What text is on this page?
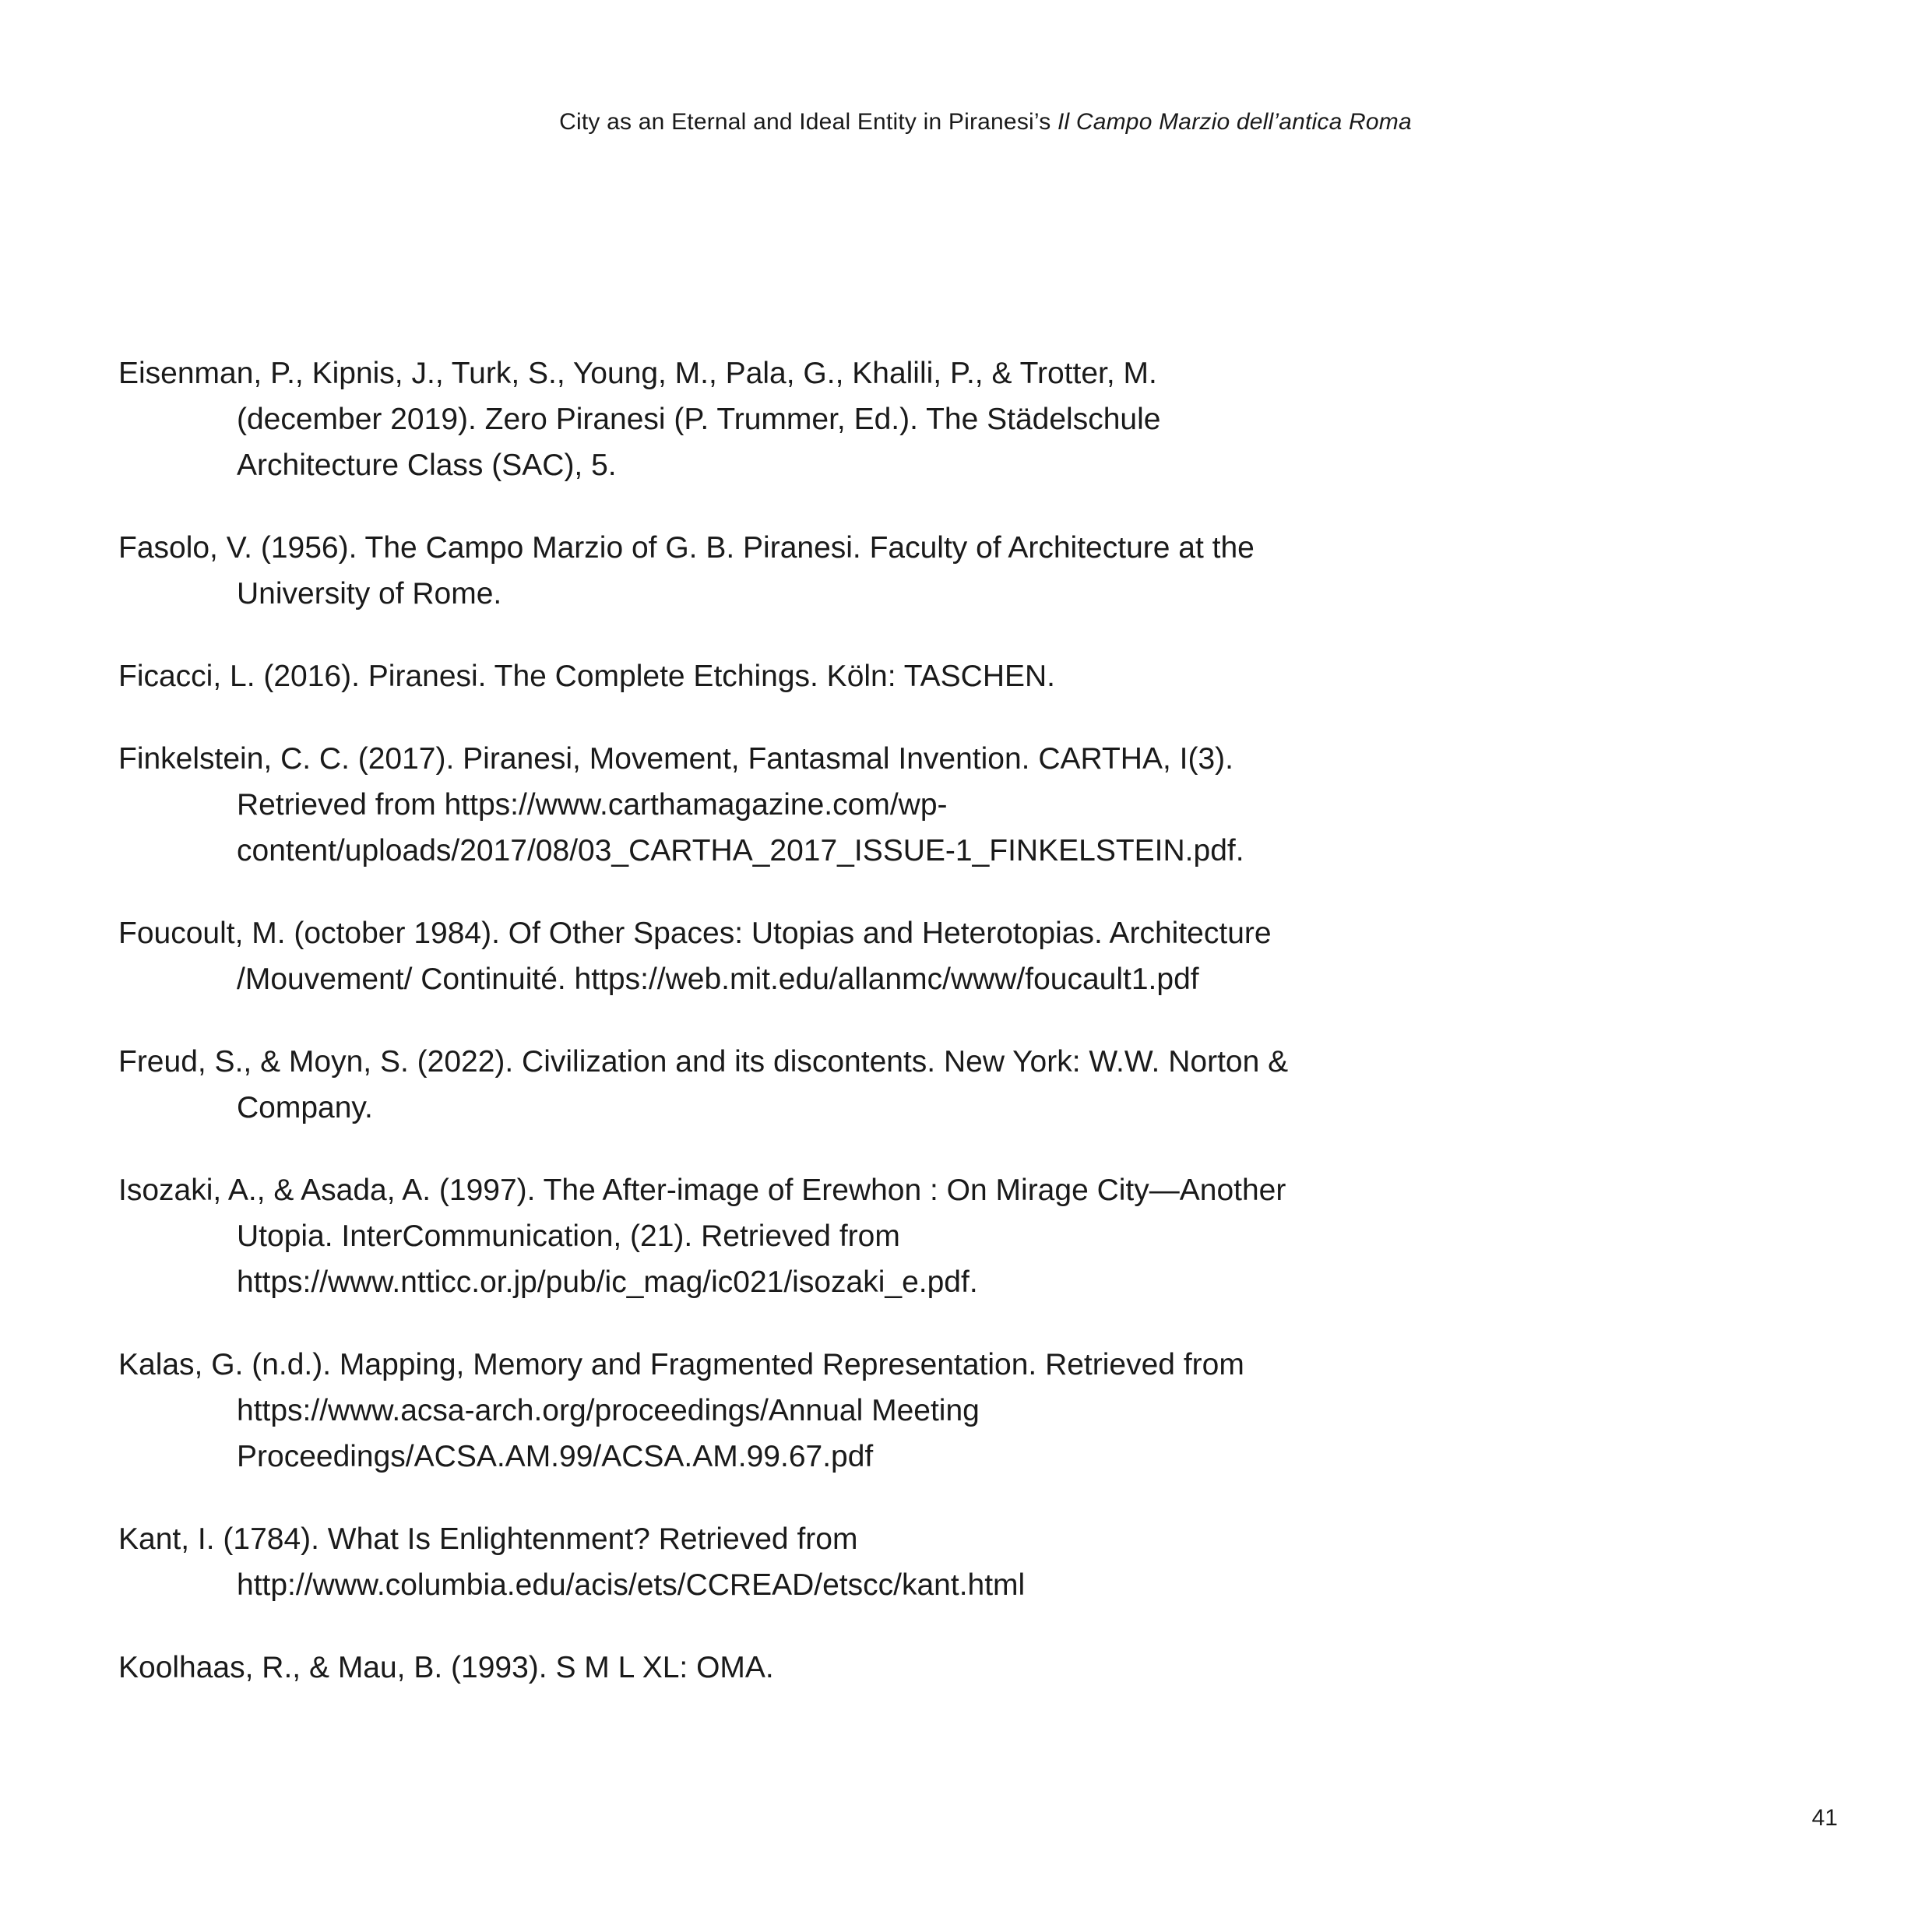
City as an Eternal and Ideal Entity in Piranesi’s Il Campo Marzio dell’antica Roma
Eisenman, P., Kipnis, J., Turk, S., Young, M., Pala, G., Khalili, P., & Trotter, M. (december 2019). Zero Piranesi (P. Trummer, Ed.). The Städelschule Architecture Class (SAC), 5.
Fasolo, V. (1956). The Campo Marzio of G. B. Piranesi. Faculty of Architecture at the University of Rome.
Ficacci, L. (2016). Piranesi. The Complete Etchings. Köln: TASCHEN.
Finkelstein, C. C. (2017). Piranesi, Movement, Fantasmal Invention. CARTHA, I(3). Retrieved from https://www.carthamagazine.com/wp-content/uploads/2017/08/03_CARTHA_2017_ISSUE-1_FINKELSTEIN.pdf.
Foucoult, M. (october 1984). Of Other Spaces: Utopias and Heterotopias. Architecture /Mouvement/ Continuité. https://web.mit.edu/allanmc/www/foucault1.pdf
Freud, S., & Moyn, S. (2022). Civilization and its discontents. New York: W.W. Norton & Company.
Isozaki, A., & Asada, A. (1997). The After-image of Erewhon : On Mirage City—Another Utopia. InterCommunication, (21). Retrieved from https://www.ntticc.or.jp/pub/ic_mag/ic021/isozaki_e.pdf.
Kalas, G. (n.d.). Mapping, Memory and Fragmented Representation. Retrieved from https://www.acsa-arch.org/proceedings/Annual Meeting Proceedings/ACSA.AM.99/ACSA.AM.99.67.pdf
Kant, I. (1784). What Is Enlightenment? Retrieved from http://www.columbia.edu/acis/ets/CCREAD/etscc/kant.html
Koolhaas, R., & Mau, B. (1993). S M L XL: OMA.
41
